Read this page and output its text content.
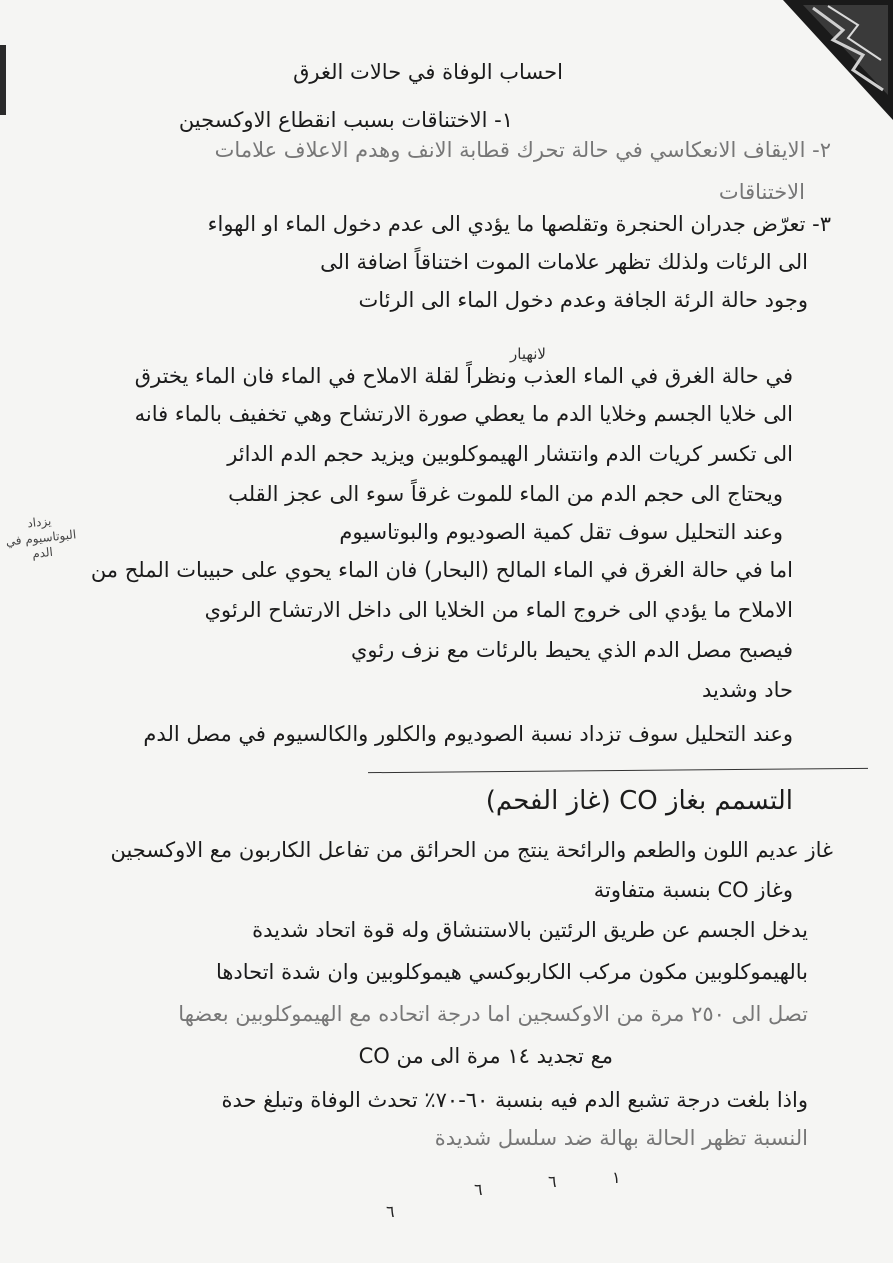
احساب الوفاة في حالات الغرق
١- الاختناقات بسبب انقطاع الاوكسجين
٢- الايقاف الانعكاسي في حالة تحرك قطابة الانف وهدم الاعلاف علامات
الاختناقات
٣- تعرّض جدران الحنجرة وتقلصها ما يؤدي الى عدم دخول الماء او الهواء
الى الرئات ولذلك تظهر علامات الموت اختناقاً اضافة الى
وجود حالة الرئة الجافة وعدم دخول الماء الى الرئات
لانهيار
في حالة الغرق في الماء العذب ونظراً لقلة الاملاح في الماء فان الماء يخترق
الى خلايا الجسم وخلايا الدم ما يعطي صورة الارتشاح وهي تخفيف بالماء فانه
الى تكسر كريات الدم وانتشار الهيموكلوبين ويزيد حجم الدم الدائر
ويحتاج الى حجم الدم من الماء للموت غرقاً سوء الى عجز القلب
وعند التحليل سوف تقل كمية الصوديوم والبوتاسيوم
يزداد البوتاسيوم في الدم
اما في حالة الغرق في الماء المالح (البحار) فان الماء يحوي على حبيبات الملح من
الاملاح ما يؤدي الى خروج الماء من الخلايا الى داخل الارتشاح الرئوي
فيصبح مصل الدم الذي يحيط بالرئات مع نزف رئوي
حاد وشديد
وعند التحليل سوف تزداد نسبة الصوديوم والكلور والكالسيوم في مصل الدم
التسمم بغاز CO (غاز الفحم)
غاز عديم اللون والطعم والرائحة ينتج من الحرائق من تفاعل الكاربون مع الاوكسجين
وغاز CO بنسبة متفاوتة
يدخل الجسم عن طريق الرئتين بالاستنشاق وله قوة اتحاد شديدة
بالهيموكلوبين مكون مركب الكاربوكسي هيموكلوبين وان شدة اتحادها
تصل الى ٢٥٠ مرة من الاوكسجين اما درجة اتحاده مع الهيموكلوبين بعضها
مع تجديد ١٤ مرة الى من CO
واذا بلغت درجة تشبع الدم فيه بنسبة ٦٠-٧٠٪ تحدث الوفاة وتبلغ حدة
النسبة تظهر الحالة بهالة ضد سلسل شديدة
١
٦
٦
٦
